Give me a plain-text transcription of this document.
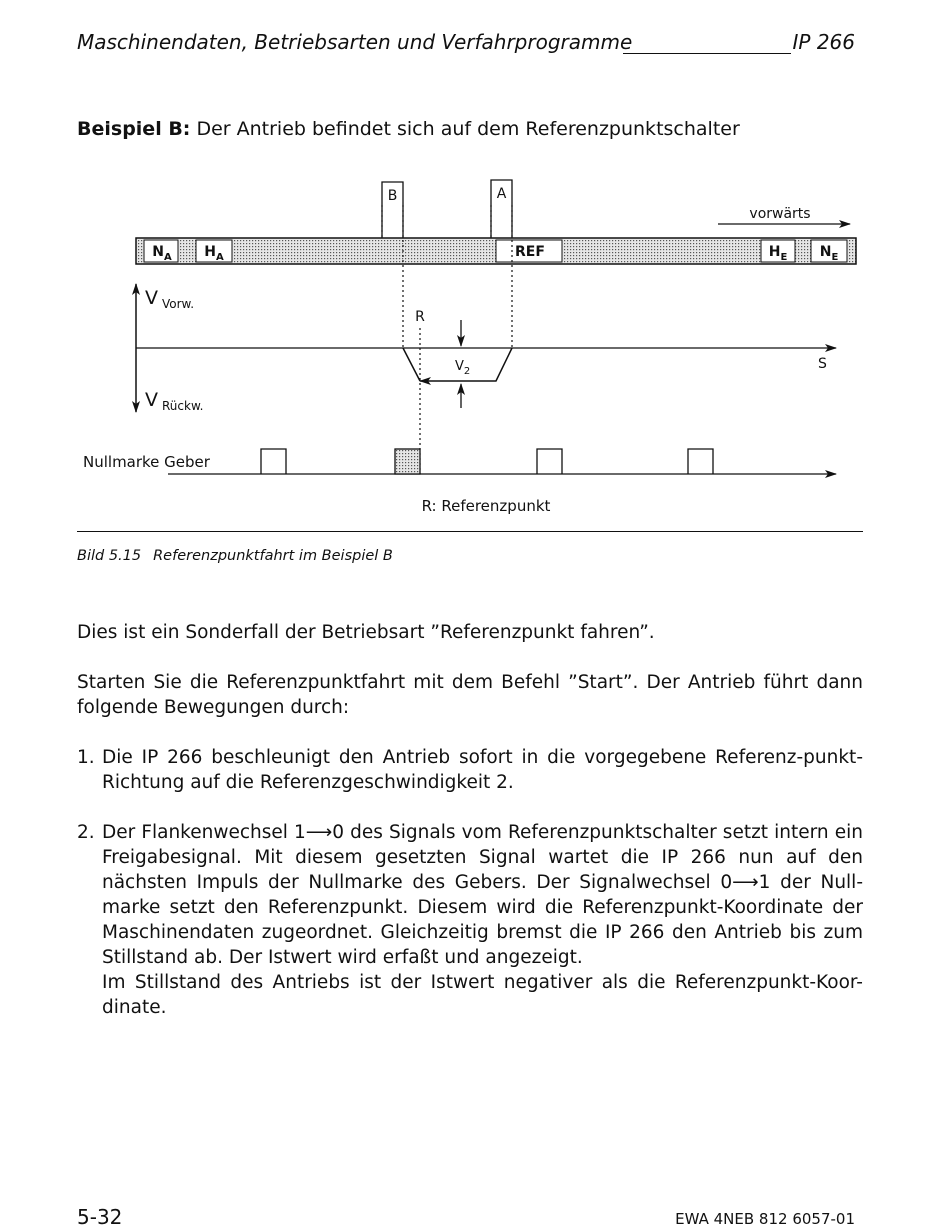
Maschinendaten, Betriebsarten und Verfahrprogramme	IP 266
Beispiel B: Der Antrieb befindet sich auf dem Referenzpunktschalter
B	A
vorwärts
$N_A$ $H_A$	REF	$H_E$ $N_E$
V $_{Vorw.}$
V $_{Rückw.}$
S
R
$V_2$
Nullmarke Geber
R: Referenzpunkt
Bild 5.15 Referenzpunktfahrt im Beispiel B
Dies ist ein Sonderfall der Betriebsart ”Referenzpunkt fahren”.
Starten Sie die Referenzpunktfahrt mit dem Befehl ”Start”. Der Antrieb führt dann folgende Bewegungen durch:
1. Die IP 266 beschleunigt den Antrieb sofort in die vorgegebene Referenz-punkt-Richtung auf die Referenzgeschwindigkeit 2.
2. Der Flankenwechsel 1⟶0 des Signals vom Referenzpunktschalter setzt intern ein Freigabesignal. Mit diesem gesetzten Signal wartet die IP 266 nun auf den nächsten Impuls der Nullmarke des Gebers. Der Signalwechsel 0⟶1 der Null-marke setzt den Referenzpunkt. Diesem wird die Referenzpunkt-Koordinate der Maschinendaten zugeordnet. Gleichzeitig bremst die IP 266 den Antrieb bis zum Stillstand ab. Der Istwert wird erfaßt und angezeigt.
Im Stillstand des Antriebs ist der Istwert negativer als die Referenzpunkt-Koor-dinate.
5-32	EWA 4NEB 812 6057-01
